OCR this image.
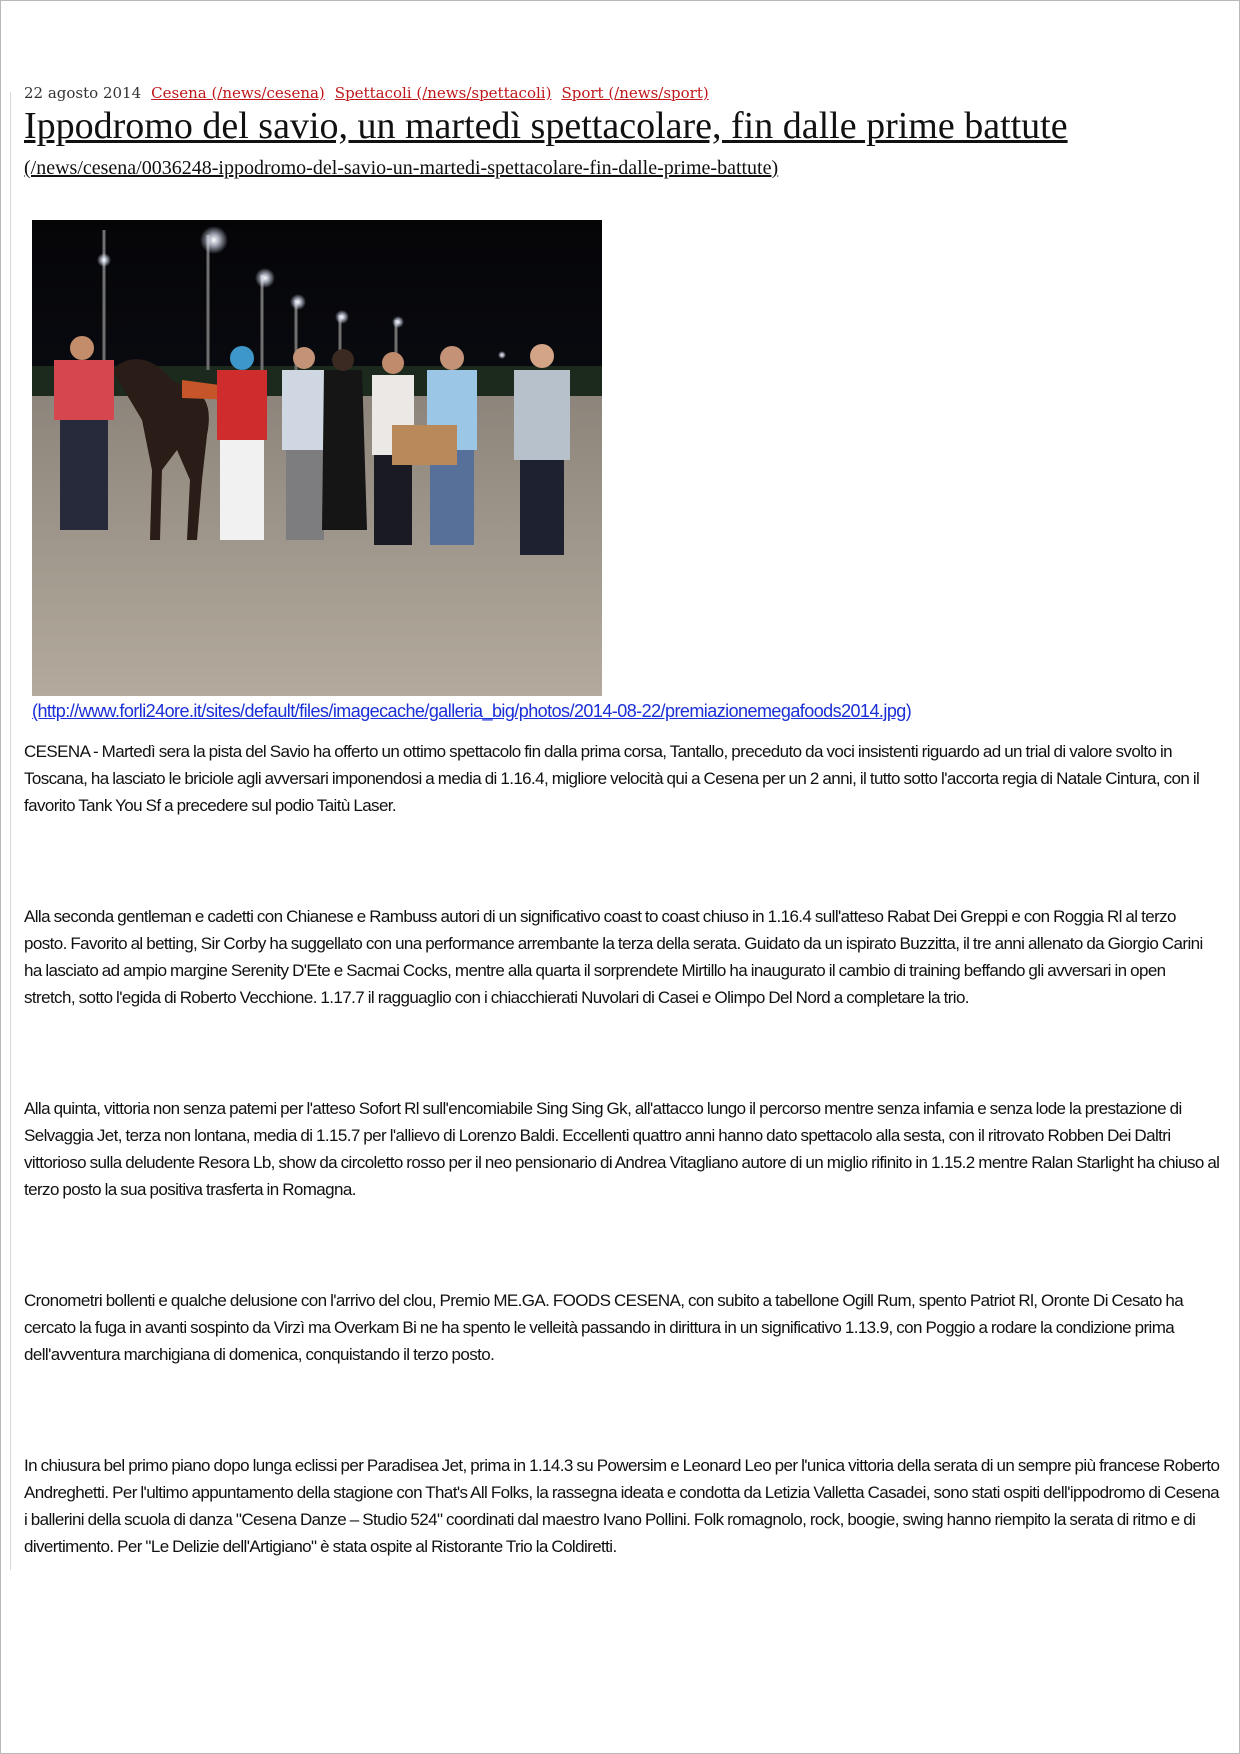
22 agosto 2014 Cesena (/news/cesena) Spettacoli (/news/spettacoli) Sport (/news/sport)
Ippodromo del savio, un martedì spettacolare, fin dalle prime battute
(/news/cesena/0036248-ippodromo-del-savio-un-martedi-spettacolare-fin-dalle-prime-battute)
(http://www.forli24ore.it/sites/default/files/imagecache/galleria_big/photos/2014-08-22/premiazionemegafoods2014.jpg)

CESENA - Martedì sera la pista del Savio ha offerto un ottimo spettacolo fin dalla prima corsa, Tantallo, preceduto da voci insistenti riguardo ad un trial di valore svolto in Toscana, ha lasciato le briciole agli avversari imponendosi a media di 1.16.4, migliore velocità qui a Cesena per un 2 anni, il tutto sotto l'accorta regia di Natale Cintura, con il favorito Tank You Sf a precedere sul podio Taitù Laser.

Alla seconda gentleman e cadetti con Chianese e Rambuss autori di un significativo coast to coast chiuso in 1.16.4 sull'atteso Rabat Dei Greppi e con Roggia Rl al terzo posto. Favorito al betting, Sir Corby ha suggellato con una performance arrembante la terza della serata. Guidato da un ispirato Buzzitta, il tre anni allenato da Giorgio Carini ha lasciato ad ampio margine Serenity D'Ete e Sacmai Cocks, mentre alla quarta il sorprendete Mirtillo ha inaugurato il cambio di training beffando gli avversari in open stretch, sotto l'egida di Roberto Vecchione. 1.17.7 il ragguaglio con i chiacchierati Nuvolari di Casei e Olimpo Del Nord a completare la trio.

Alla quinta, vittoria non senza patemi per l'atteso Sofort Rl sull'encomiabile Sing Sing Gk, all'attacco lungo il percorso mentre senza infamia e senza lode la prestazione di Selvaggia Jet, terza non lontana, media di 1.15.7 per l'allievo di Lorenzo Baldi. Eccellenti quattro anni hanno dato spettacolo alla sesta, con il ritrovato Robben Dei Daltri vittorioso sulla deludente Resora Lb, show da circoletto rosso per il neo pensionario di Andrea Vitagliano autore di un miglio rifinito in 1.15.2 mentre Ralan Starlight ha chiuso al terzo posto la sua positiva trasferta in Romagna.

Cronometri bollenti e qualche delusione con l'arrivo del clou, Premio ME.GA. FOODS CESENA, con subito a tabellone Ogill Rum, spento Patriot Rl, Oronte Di Cesato ha cercato la fuga in avanti sospinto da Virzì ma Overkam Bi ne ha spento le velleità passando in dirittura in un significativo 1.13.9, con Poggio a rodare la condizione prima dell'avventura marchigiana di domenica, conquistando il terzo posto.

In chiusura bel primo piano dopo lunga eclissi per Paradisea Jet, prima in 1.14.3 su Powersim e Leonard Leo per l'unica vittoria della serata di un sempre più francese Roberto Andreghetti. Per l'ultimo appuntamento della stagione con That's All Folks, la rassegna ideata e condotta da Letizia Valletta Casadei, sono stati ospiti dell'ippodromo di Cesena i ballerini della scuola di danza "Cesena Danze – Studio 524" coordinati dal maestro Ivano Pollini. Folk romagnolo, rock, boogie, swing hanno riempito la serata di ritmo e di divertimento. Per "Le Delizie dell'Artigiano" è stata ospite al Ristorante Trio la Coldiretti.
